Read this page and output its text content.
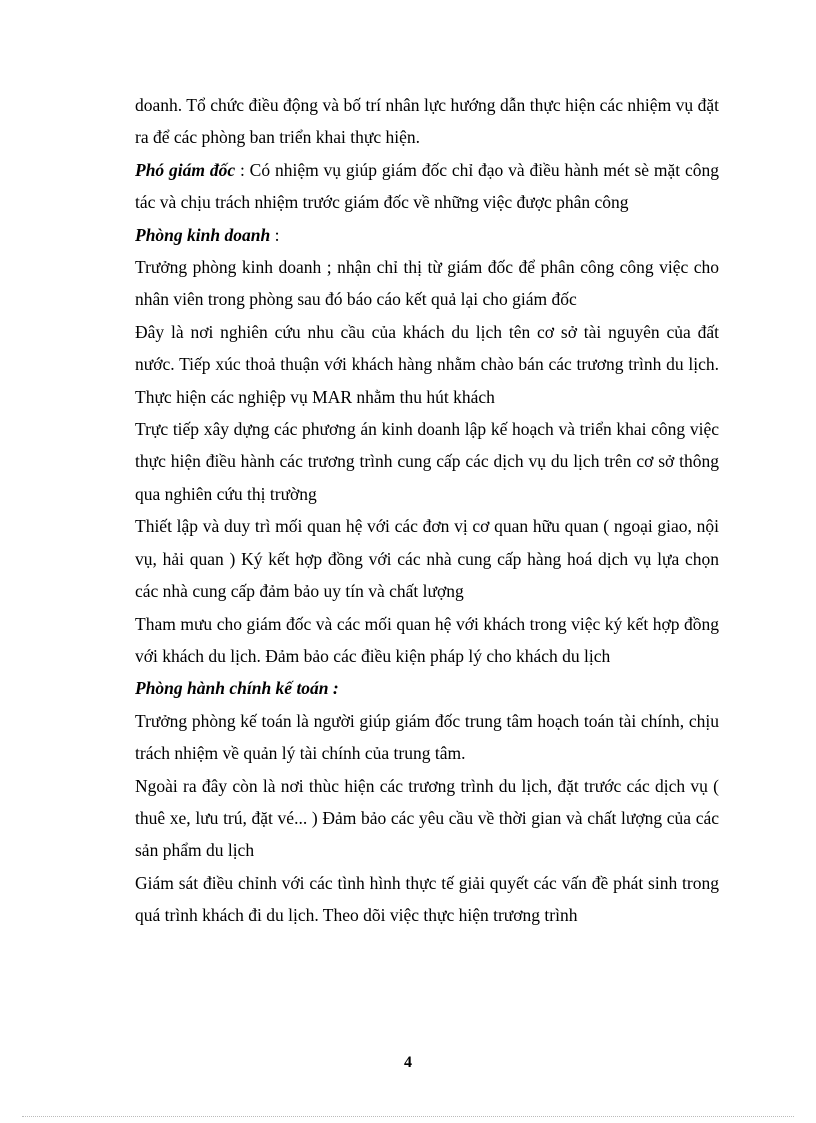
doanh. Tổ chức điều động và bố trí nhân lực hướng dẫn thực hiện các nhiệm vụ đặt ra để các phòng ban triển khai thực hiện.

Phó giám đốc : Có nhiệm vụ giúp giám đốc chỉ đạo và điều hành mét sè mặt công tác và chịu trách nhiệm trước giám đốc về những việc được phân công

Phòng kinh doanh :

Trưởng phòng kinh doanh ; nhận chỉ thị từ giám đốc để phân công công việc cho nhân viên trong phòng sau đó báo cáo kết quả lại cho giám đốc

Đây là nơi nghiên cứu nhu cầu của khách du lịch tên cơ sở tài nguyên của đất nước. Tiếp xúc thoả thuận với khách hàng nhằm chào bán các trương trình du lịch. Thực hiện các nghiệp vụ MAR nhằm thu hút khách

Trực tiếp xây dựng các phương án kinh doanh lập kế hoạch và triển khai công việc thực hiện điều hành các trương trình cung cấp các dịch vụ du lịch trên cơ sở thông qua nghiên cứu thị trường

Thiết lập và duy trì mối quan hệ với các đơn vị cơ quan hữu quan ( ngoại giao, nội vụ, hải quan ) Ký kết hợp đồng với các nhà cung cấp hàng hoá dịch vụ lựa chọn các nhà cung cấp đảm bảo uy tín và chất lượng

Tham mưu cho giám đốc và các mối quan hệ với khách trong việc ký kết hợp đồng với khách du lịch. Đảm bảo các điều kiện pháp lý cho khách du lịch

Phòng hành chính kế toán :

Trưởng phòng kế toán là người giúp giám đốc trung tâm hoạch toán tài chính, chịu trách nhiệm về quản lý tài chính của trung tâm.

Ngoài ra đây còn là nơi thùc hiện các trương trình du lịch, đặt trước các dịch vụ ( thuê xe, lưu trú, đặt vé... ) Đảm bảo các yêu cầu về thời gian và chất lượng của các sản phẩm du lịch

Giám sát điều chỉnh với các tình hình thực tế giải quyết các vấn đề phát sinh trong quá trình khách đi du lịch. Theo dõi việc thực hiện trương trình

4
